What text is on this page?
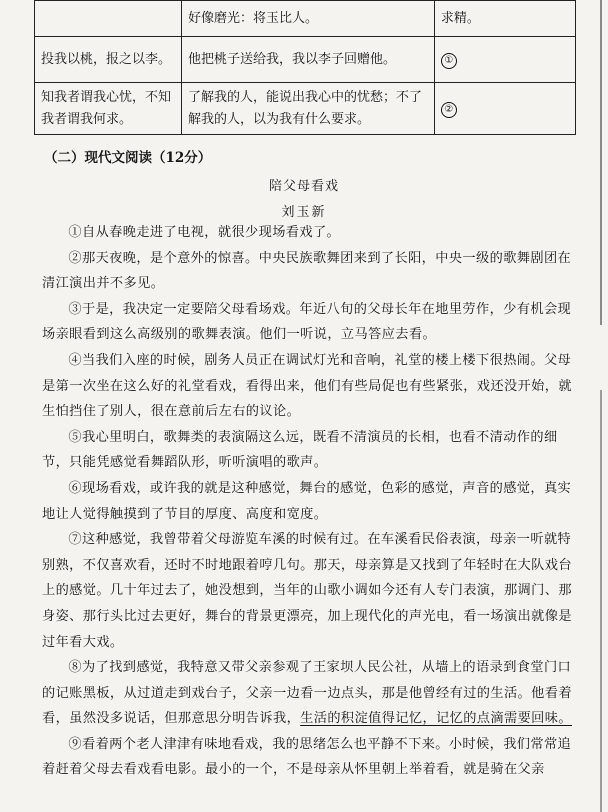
	好像磨光：将玉比人。	求精。
投我以桃，报之以李。	他把桃子送给我，我以李子回赠他。	①
知我者谓我心忧，不知我者谓我何求。	了解我的人，能说出我心中的忧愁；不了解我的人，以为我有什么要求。	②
（二）现代文阅读（12分）
陪父母看戏
刘玉新

①自从春晚走进了电视，就很少现场看戏了。

②那天夜晚，是个意外的惊喜。中央民族歌舞团来到了长阳，中央一级的歌舞剧团在清江演出并不多见。

③于是，我决定一定要陪父母看场戏。年近八旬的父母长年在地里劳作，少有机会现场亲眼看到这么高级别的歌舞表演。他们一听说，立马答应去看。

④当我们入座的时候，剧务人员正在调试灯光和音响，礼堂的楼上楼下很热闹。父母是第一次坐在这么好的礼堂看戏，看得出来，他们有些局促也有些紧张，戏还没开始，就生怕挡住了别人，很在意前后左右的议论。

⑤我心里明白，歌舞类的表演隔这么远，既看不清演员的长相，也看不清动作的细节，只能凭感觉看舞蹈队形，听听演唱的歌声。

⑥现场看戏，或许我的就是这种感觉，舞台的感觉，色彩的感觉，声音的感觉，真实地让人觉得触摸到了节目的厚度、高度和宽度。

⑦这种感觉，我曾带着父母游览车溪的时候有过。在车溪看民俗表演，母亲一听就特别熟，不仅喜欢看，还时不时地跟着哼几句。那天，母亲算是又找到了年轻时在大队戏台上的感觉。几十年过去了，她没想到，当年的山歌小调如今还有人专门表演，那调门、那身姿、那行头比过去更好，舞台的背景更漂亮，加上现代化的声光电，看一场演出就像是过年看大戏。

⑧为了找到感觉，我特意又带父亲参观了王家坝人民公社，从墙上的语录到食堂门口的记账黑板，从过道走到戏台子，父亲一边看一边点头，那是他曾经有过的生活。他看着看，虽然没多说话，但那意思分明告诉我，生活的积淀值得记忆，记忆的点滴需要回味。

⑨看着两个老人津津有味地看戏，我的思绪怎么也平静不下来。小时候，我们常常追着赶着父母去看戏看电影。最小的一个，不是母亲从怀里朝上举着看，就是骑在父亲
